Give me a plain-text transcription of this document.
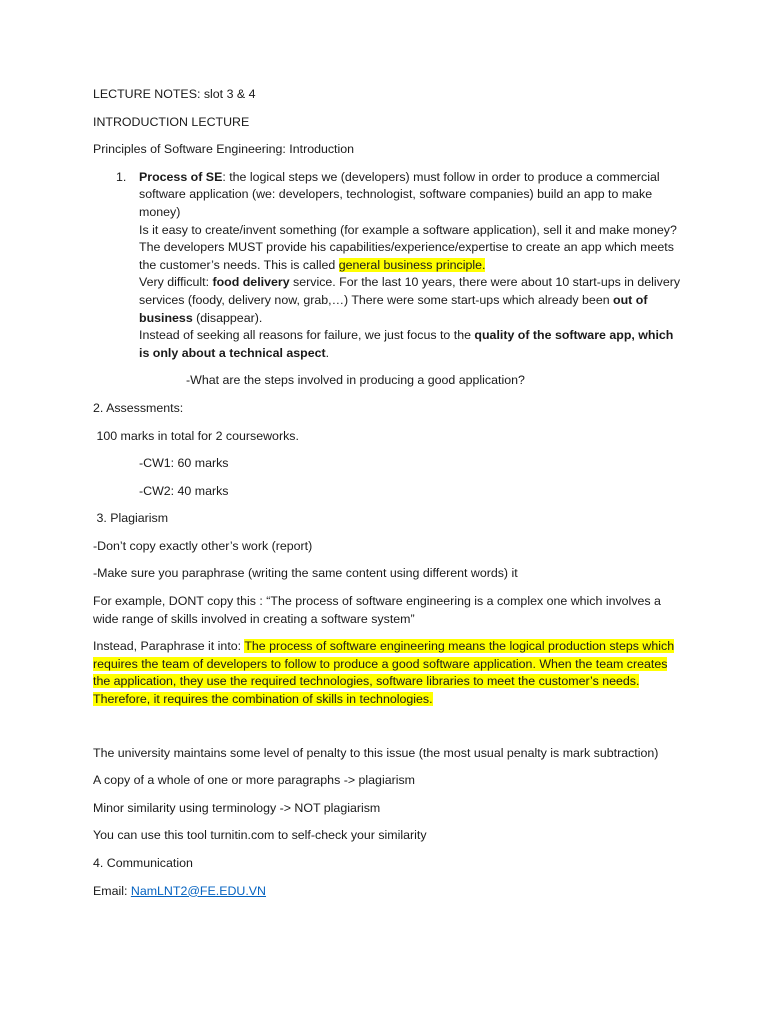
LECTURE NOTES: slot 3 & 4

INTRODUCTION LECTURE

Principles of Software Engineering: Introduction

1. Process of SE: the logical steps we (developers) must follow in order to produce a commercial software application (we: developers, technologist, software companies) build an app to make money)
Is it easy to create/invent something (for example a software application), sell it and make money?
The developers MUST provide his capabilities/experience/expertise to create an app which meets the customer’s needs. This is called general business principle.
Very difficult: food delivery service. For the last 10 years, there were about 10 start-ups in delivery services (foody, delivery now, grab,…) There were some start-ups which already been out of business (disappear).
Instead of seeking all reasons for failure, we just focus to the quality of the software app, which is only about a technical aspect.

-What are the steps involved in producing a good application?

2. Assessments:

100 marks in total for 2 courseworks.

-CW1: 60 marks

-CW2: 40 marks

3. Plagiarism

-Don’t copy exactly other’s work (report)

-Make sure you paraphrase (writing the same content using different words) it

For example, DONT copy this : “The process of software engineering is a complex one which involves a wide range of skills involved in creating a software system”

Instead, Paraphrase it into: The process of software engineering means the logical production steps which requires the team of developers to follow to produce a good software application. When the team creates the application, they use the required technologies, software libraries to meet the customer’s needs. Therefore, it requires the combination of skills in technologies.

The university maintains some level of penalty to this issue (the most usual penalty is mark subtraction)

A copy of a whole of one or more paragraphs -> plagiarism

Minor similarity using terminology -> NOT plagiarism

You can use this tool turnitin.com to self-check your similarity

4. Communication

Email: NamLNT2@FE.EDU.VN
